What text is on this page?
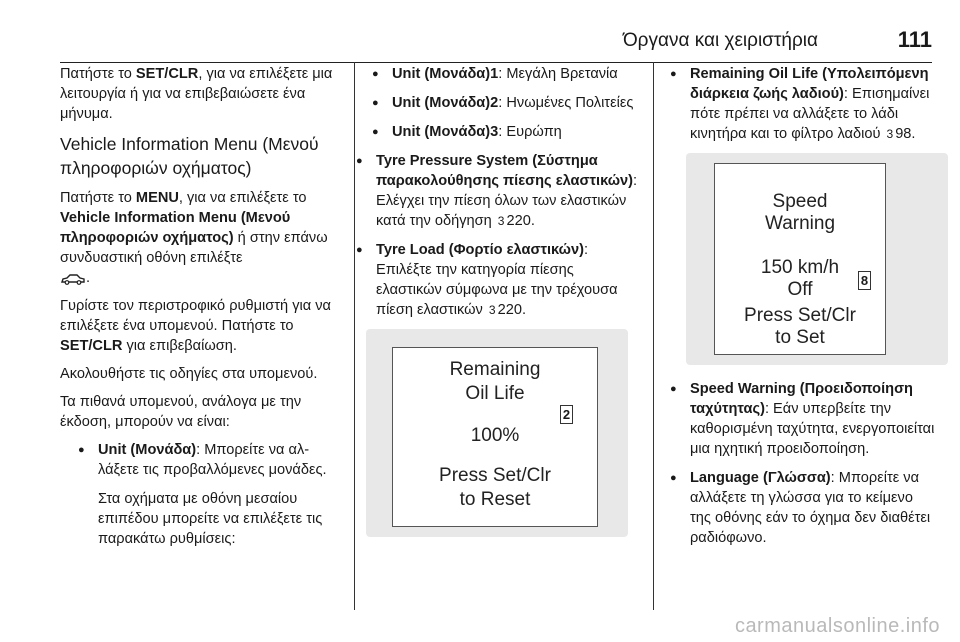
Όργανα και χειριστήρια	111

Πατήστε το SET/CLR, για να επιλέξετε μια λειτουργία ή για να επιβεβαιώσετε ένα μήνυμα.

Vehicle Information Menu (Μενού πληροφοριών οχήματος)

Πατήστε το MENU, για να επιλέξετε το Vehicle Information Menu (Μενού πληροφοριών οχήματος) ή στην επάνω συνδυαστική οθόνη επιλέξτε
.

Γυρίστε τον περιστροφικό ρυθμιστή για να επιλέξετε ένα υπομενού. Πατήστε το SET/CLR για επιβεβαίωση.

Ακολουθήστε τις οδηγίες στα υπομενού.

Τα πιθανά υπομενού, ανάλογα με την έκδοση, μπορούν να είναι:

● Unit (Μονάδα): Μπορείτε να αλλάξετε τις προβαλλόμενες μονάδες.

Στα οχήματα με οθόνη μεσαίου επιπέδου μπορείτε να επιλέξετε τις παρακάτω ρυθμίσεις:

● Unit (Μονάδα)1: Μεγάλη Βρετανία
● Unit (Μονάδα)2: Ηνωμένες Πολιτείες
● Unit (Μονάδα)3: Ευρώπη
● Tyre Pressure System (Σύστημα παρακολούθησης πίεσης ελαστικών): Ελέγχει την πίεση όλων των ελαστικών κατά την οδήγηση 3 220.
● Tyre Load (Φορτίο ελαστικών): Επιλέξτε την κατηγορία πίεσης ελαστικών σύμφωνα με την τρέχουσα πίεση ελαστικών 3 220.
Remaining
Oil Life
100%
Press Set/Clr
to Reset
2
● Remaining Oil Life (Υπολειπόμενη διάρκεια ζωής λαδιού): Επισημαίνει πότε πρέπει να αλλάξετε το λάδι κινητήρα και το φίλτρο λαδιού 3 98.
Speed
Warning
150 km/h
Off
Press Set/Clr
to Set
8
● Speed Warning (Προειδοποίηση ταχύτητας): Εάν υπερβείτε την καθορισμένη ταχύτητα, ενεργοποιείται μια ηχητική προειδοποίηση.
● Language (Γλώσσα): Μπορείτε να αλλάξετε τη γλώσσα για το κείμενο της οθόνης εάν το όχημα δεν διαθέτει ραδιόφωνο.
carmanualsonline.info
